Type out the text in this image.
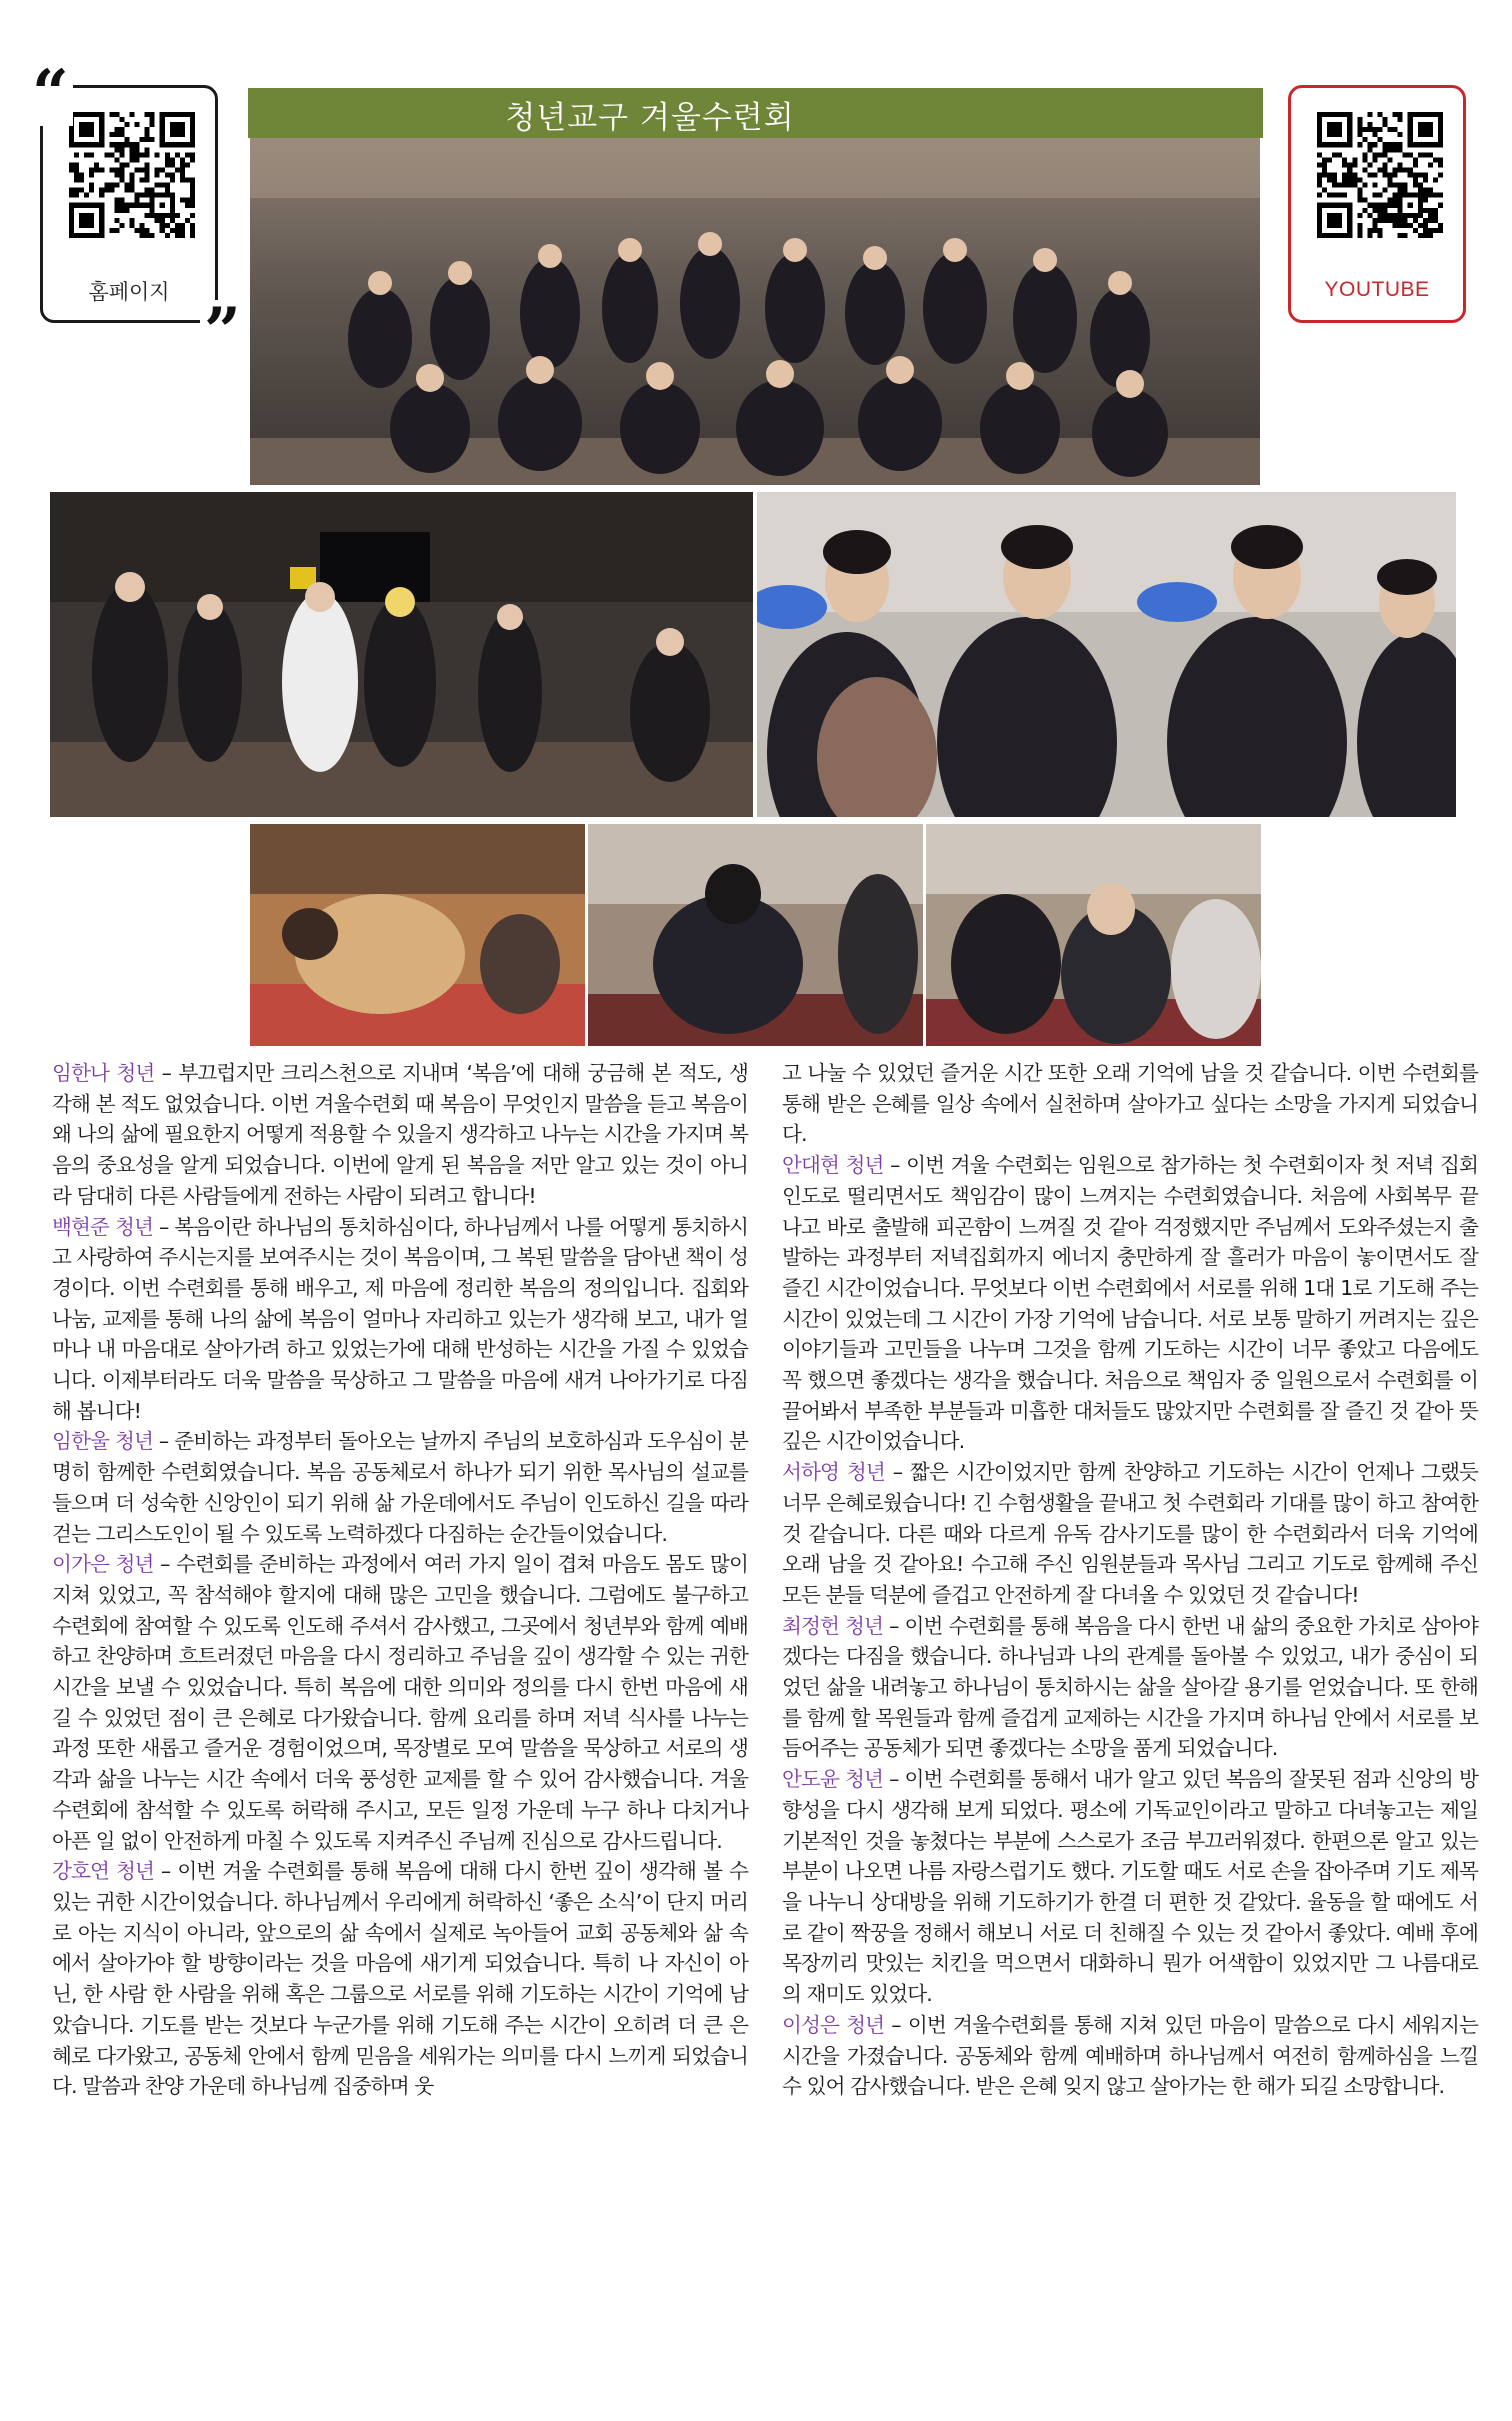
홈페이지
“
”
YOUTUBE
청년교구 겨울수련회

임한나 청년 – 부끄럽지만 크리스천으로 지내며 ‘복음’에 대해 궁금해 본 적도, 생각해 본 적도 없었습니다. 이번 겨울수련회 때 복음이 무엇인지 말씀을 듣고 복음이 왜 나의 삶에 필요한지 어떻게 적용할 수 있을지 생각하고 나누는 시간을 가지며 복음의 중요성을 알게 되었습니다. 이번에 알게 된 복음을 저만 알고 있는 것이 아니라 담대히 다른 사람들에게 전하는 사람이 되려고 합니다!

백현준 청년 – 복음이란 하나님의 통치하심이다, 하나님께서 나를 어떻게 통치하시고 사랑하여 주시는지를 보여주시는 것이 복음이며, 그 복된 말씀을 담아낸 책이 성경이다. 이번 수련회를 통해 배우고, 제 마음에 정리한 복음의 정의입니다. 집회와 나눔, 교제를 통해 나의 삶에 복음이 얼마나 자리하고 있는가 생각해 보고, 내가 얼마나 내 마음대로 살아가려 하고 있었는가에 대해 반성하는 시간을 가질 수 있었습니다. 이제부터라도 더욱 말씀을 묵상하고 그 말씀을 마음에 새겨 나아가기로 다짐해 봅니다!

임한울 청년 – 준비하는 과정부터 돌아오는 날까지 주님의 보호하심과 도우심이 분명히 함께한 수련회였습니다. 복음 공동체로서 하나가 되기 위한 목사님의 설교를 들으며 더 성숙한 신앙인이 되기 위해 삶 가운데에서도 주님이 인도하신 길을 따라 걷는 그리스도인이 될 수 있도록 노력하겠다 다짐하는 순간들이었습니다.

이가은 청년 – 수련회를 준비하는 과정에서 여러 가지 일이 겹쳐 마음도 몸도 많이 지쳐 있었고, 꼭 참석해야 할지에 대해 많은 고민을 했습니다. 그럼에도 불구하고 수련회에 참여할 수 있도록 인도해 주셔서 감사했고, 그곳에서 청년부와 함께 예배하고 찬양하며 흐트러졌던 마음을 다시 정리하고 주님을 깊이 생각할 수 있는 귀한 시간을 보낼 수 있었습니다. 특히 복음에 대한 의미와 정의를 다시 한번 마음에 새길 수 있었던 점이 큰 은혜로 다가왔습니다. 함께 요리를 하며 저녁 식사를 나누는 과정 또한 새롭고 즐거운 경험이었으며, 목장별로 모여 말씀을 묵상하고 서로의 생각과 삶을 나누는 시간 속에서 더욱 풍성한 교제를 할 수 있어 감사했습니다. 겨울 수련회에 참석할 수 있도록 허락해 주시고, 모든 일정 가운데 누구 하나 다치거나 아픈 일 없이 안전하게 마칠 수 있도록 지켜주신 주님께 진심으로 감사드립니다.

강호연 청년 – 이번 겨울 수련회를 통해 복음에 대해 다시 한번 깊이 생각해 볼 수 있는 귀한 시간이었습니다. 하나님께서 우리에게 허락하신 ‘좋은 소식’이 단지 머리로 아는 지식이 아니라, 앞으로의 삶 속에서 실제로 녹아들어 교회 공동체와 삶 속에서 살아가야 할 방향이라는 것을 마음에 새기게 되었습니다. 특히 나 자신이 아닌, 한 사람 한 사람을 위해 혹은 그룹으로 서로를 위해 기도하는 시간이 기억에 남았습니다. 기도를 받는 것보다 누군가를 위해 기도해 주는 시간이 오히려 더 큰 은혜로 다가왔고, 공동체 안에서 함께 믿음을 세워가는 의미를 다시 느끼게 되었습니다. 말씀과 찬양 가운데 하나님께 집중하며 웃

고 나눌 수 있었던 즐거운 시간 또한 오래 기억에 남을 것 같습니다. 이번 수련회를 통해 받은 은혜를 일상 속에서 실천하며 살아가고 싶다는 소망을 가지게 되었습니다.

안대현 청년 – 이번 겨울 수련회는 임원으로 참가하는 첫 수련회이자 첫 저녁 집회 인도로 떨리면서도 책임감이 많이 느껴지는 수련회였습니다. 처음에 사회복무 끝나고 바로 출발해 피곤함이 느껴질 것 같아 걱정했지만 주님께서 도와주셨는지 출발하는 과정부터 저녁집회까지 에너지 충만하게 잘 흘러가 마음이 놓이면서도 잘 즐긴 시간이었습니다. 무엇보다 이번 수련회에서 서로를 위해 1대 1로 기도해 주는 시간이 있었는데 그 시간이 가장 기억에 남습니다. 서로 보통 말하기 꺼려지는 깊은 이야기들과 고민들을 나누며 그것을 함께 기도하는 시간이 너무 좋았고 다음에도 꼭 했으면 좋겠다는 생각을 했습니다. 처음으로 책임자 중 일원으로서 수련회를 이끌어봐서 부족한 부분들과 미흡한 대처들도 많았지만 수련회를 잘 즐긴 것 같아 뜻깊은 시간이었습니다.

서하영 청년 – 짧은 시간이었지만 함께 찬양하고 기도하는 시간이 언제나 그랬듯 너무 은혜로웠습니다! 긴 수험생활을 끝내고 첫 수련회라 기대를 많이 하고 참여한 것 같습니다. 다른 때와 다르게 유독 감사기도를 많이 한 수련회라서 더욱 기억에 오래 남을 것 같아요! 수고해 주신 임원분들과 목사님 그리고 기도로 함께해 주신 모든 분들 덕분에 즐겁고 안전하게 잘 다녀올 수 있었던 것 같습니다!

최정헌 청년 – 이번 수련회를 통해 복음을 다시 한번 내 삶의 중요한 가치로 삼아야겠다는 다짐을 했습니다. 하나님과 나의 관계를 돌아볼 수 있었고, 내가 중심이 되었던 삶을 내려놓고 하나님이 통치하시는 삶을 살아갈 용기를 얻었습니다. 또 한해를 함께 할 목원들과 함께 즐겁게 교제하는 시간을 가지며 하나님 안에서 서로를 보듬어주는 공동체가 되면 좋겠다는 소망을 품게 되었습니다.

안도윤 청년 – 이번 수련회를 통해서 내가 알고 있던 복음의 잘못된 점과 신앙의 방향성을 다시 생각해 보게 되었다. 평소에 기독교인이라고 말하고 다녀놓고는 제일 기본적인 것을 놓쳤다는 부분에 스스로가 조금 부끄러워졌다. 한편으론 알고 있는 부분이 나오면 나름 자랑스럽기도 했다. 기도할 때도 서로 손을 잡아주며 기도 제목을 나누니 상대방을 위해 기도하기가 한결 더 편한 것 같았다. 율동을 할 때에도 서로 같이 짝꿍을 정해서 해보니 서로 더 친해질 수 있는 것 같아서 좋았다. 예배 후에 목장끼리 맛있는 치킨을 먹으면서 대화하니 뭔가 어색함이 있었지만 그 나름대로의 재미도 있었다.

이성은 청년 – 이번 겨울수련회를 통해 지쳐 있던 마음이 말씀으로 다시 세워지는 시간을 가졌습니다. 공동체와 함께 예배하며 하나님께서 여전히 함께하심을 느낄 수 있어 감사했습니다. 받은 은혜 잊지 않고 살아가는 한 해가 되길 소망합니다.
